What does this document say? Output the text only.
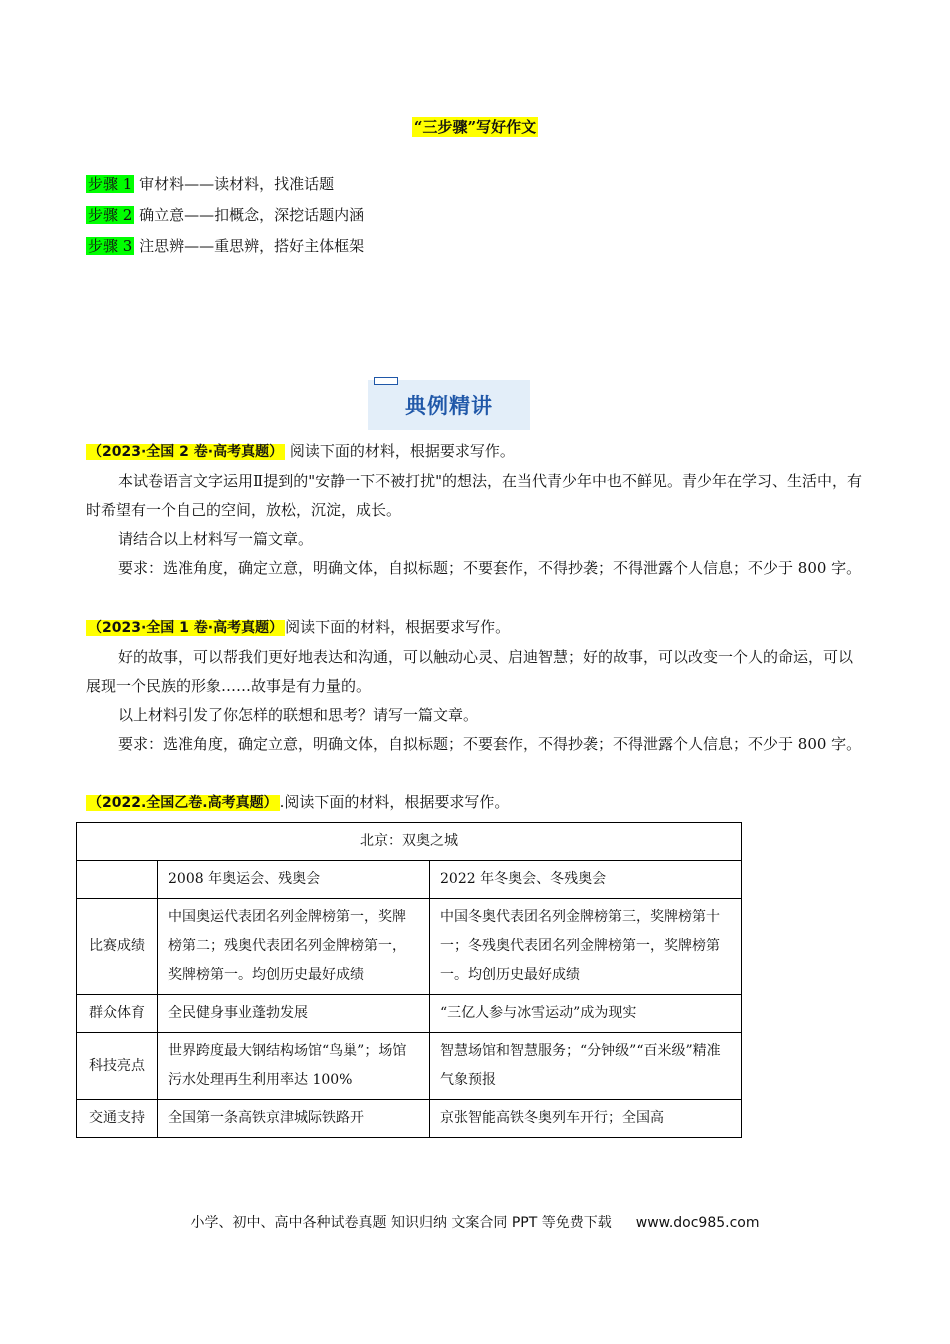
“三步骤”写好作文
步骤 1 审材料——读材料，找准话题
步骤 2 确立意——扣概念，深挖话题内涵
步骤 3 注思辨——重思辨，搭好主体框架
典例精讲
（2023·全国 2 卷·高考真题） 阅读下面的材料，根据要求写作。
本试卷语言文字运用Ⅱ提到的"安静一下不被打扰"的想法，在当代青少年中也不鲜见。青少年在学习、生活中，有时希望有一个自己的空间，放松，沉淀，成长。
请结合以上材料写一篇文章。
要求：选准角度，确定立意，明确文体，自拟标题；不要套作，不得抄袭；不得泄露个人信息；不少于 800 字。
（2023·全国 1 卷·高考真题） 阅读下面的材料，根据要求写作。
好的故事，可以帮我们更好地表达和沟通，可以触动心灵、启迪智慧；好的故事，可以改变一个人的命运，可以展现一个民族的形象……故事是有力量的。
以上材料引发了你怎样的联想和思考？请写一篇文章。
要求：选准角度，确定立意，明确文体，自拟标题；不要套作，不得抄袭；不得泄露个人信息；不少于 800 字。
（2022.全国乙卷.高考真题） .阅读下面的材料，根据要求写作。
北京：双奥之城		
	2008 年奥运会、残奥会	2022 年冬奥会、冬残奥会
比赛成绩	中国奥运代表团名列金牌榜第一，奖牌榜第二；残奥代表团名列金牌榜第一，奖牌榜第一。均创历史最好成绩	中国冬奥代表团名列金牌榜第三，奖牌榜第十一；冬残奥代表团名列金牌榜第一，奖牌榜第一。均创历史最好成绩
群众体育	全民健身事业蓬勃发展	“三亿人参与冰雪运动”成为现实
科技亮点	世界跨度最大钢结构场馆“鸟巢”；场馆污水处理再生利用率达 100%	智慧场馆和智慧服务；“分钟级”“百米级”精准气象预报
交通支持	全国第一条高铁京津城际铁路开	京张智能高铁冬奥列车开行；全国高
小学、初中、高中各种试卷真题 知识归纳 文案合同 PPT 等免费下载 www.doc985.com
